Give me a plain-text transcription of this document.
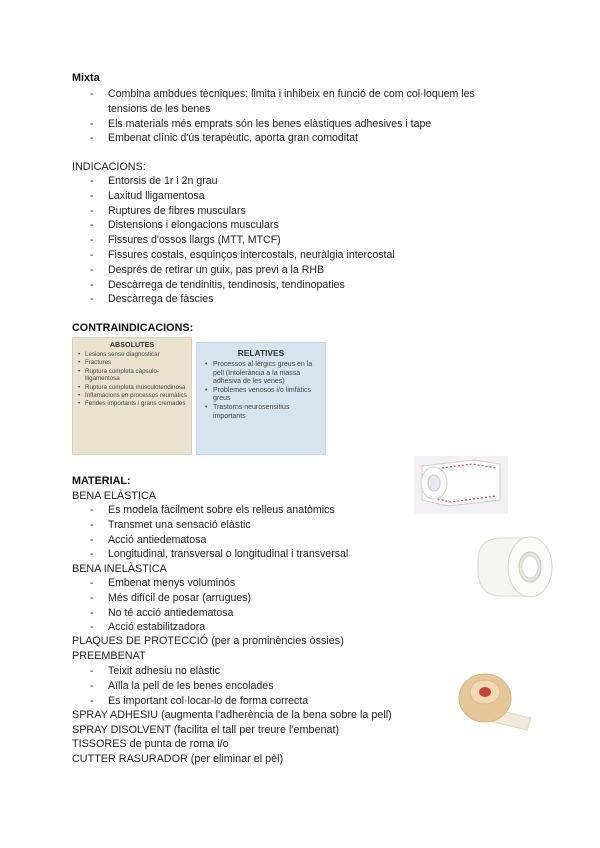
Mixta
- Combina ambdues tècniques: limita i inhibeix en funció de com col·loquem les tensions de les benes
- Els materials més emprats són les benes elàstiques adhesives i tape
- Embenat clínic d'ús terapèutic, aporta gran comoditat
INDICACIONS:
- Entorsis de 1r i 2n grau
- Laxitud lligamentosa
- Ruptures de fibres musculars
- Distensions i elongacions musculars
- Fissures d'ossos llargs (MTT, MTCF)
- Fissures costals, esquinços intercostals, neuràlgia intercostal
- Després de retirar un guix, pas previ a la RHB
- Descàrrega de tendinitis, tendinosis, tendinopaties
- Descàrrega de fàscies
CONTRAINDICACIONS:
ABSOLUTES
• Lesions sense diagnosticar
• Fractures
• Ruptura completa càpsulo-lligamentosa
• Ruptura completa músculotendinosa
• Inflamacions en processos reumàtics
• Ferides importants i grans cremades
RELATIVES
• Processos al·lèrgics greus en la pell (Intolerància a la massa adhesiva de les venes)
• Problemes venosos i/o limfàtics greus
• Trastorns neurosensitius importants
MATERIAL:
BENA ELÀSTICA
- Es modela fàcilment sobre els relleus anatòmics
- Transmet una sensació elàstic
- Acció antiedematosa
- Longitudinal, transversal o longitudinal i transversal
BENA INELÀSTICA
- Embenat menys voluminós
- Més difícil de posar (arrugues)
- No té acció antiedematosa
- Acció estabilitzadora
PLAQUES DE PROTECCIÓ (per a prominències òssies)
PREEMBENAT
- Teixit adhesiu no elàstic
- Aïlla la pell de les benes encolades
- Es important col·locar-lo de forma correcta
SPRAY ADHESIU (augmenta l'adherència de la bena sobre la pell)
SPRAY DISOLVENT (facilita el tall per treure l'embenat)
TISSORES de punta de roma i/o
CUTTER RASURADOR (per eliminar el pèl)
